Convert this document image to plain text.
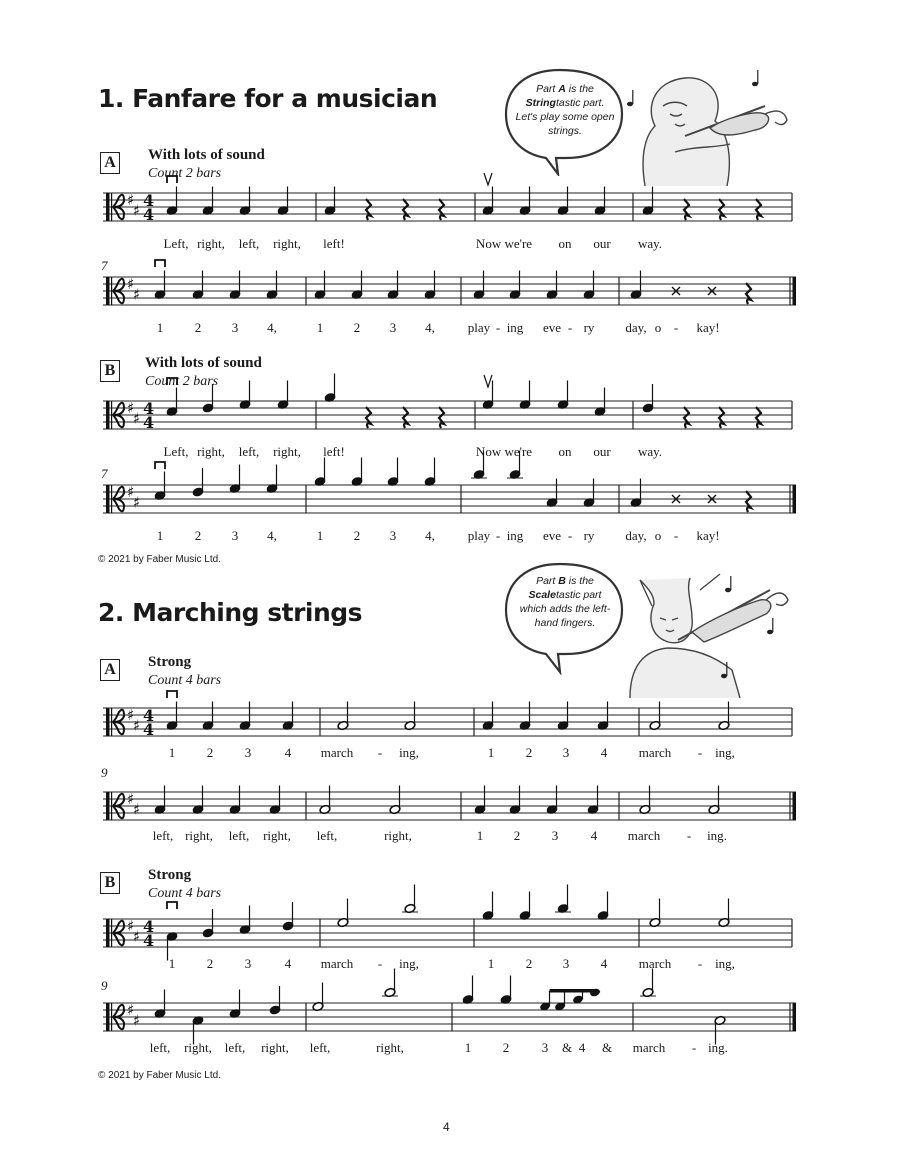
1. Fanfare for a musician	Part A is the Stringtastic part. Let's play some open strings.
A With lots of sound
Count 2 bars
♯
♯
4
4
7
♯
♯
B	With lots of sound
Count 2 bars
♯
♯
4
4
7
♯
♯
© 2021 by Faber Music Ltd.
2. Marching strings
Part B is the Scaletastic part which adds the left-hand fingers.
A Strong
Count 4 bars
♯
♯
4
4
9
♯
♯
B	Strong
Count 4 bars
♯
♯
4
4
9
♯
♯
© 2021 by Faber Music Ltd.
4
Left, right, left, right, left!	Now we're on our way.
1 2 3 4,	1 2 3 4,	play - ing eve - ry day, o - kay!
Left, right, left, right, left!	Now we're on our way.
1 2 3 4,	1 2 3 4,	play - ing eve - ry day, o - kay!
1 2 3	4 march - ing,	1 2 3 4 march - ing,
left, right, left, right, left,	right,	1 2 3	4 march - ing.
1 2 3	4 march - ing,	1 2 3 4 march - ing,
left, right, left, right, left,	right,	1 2	3 & 4 & march - ing.
